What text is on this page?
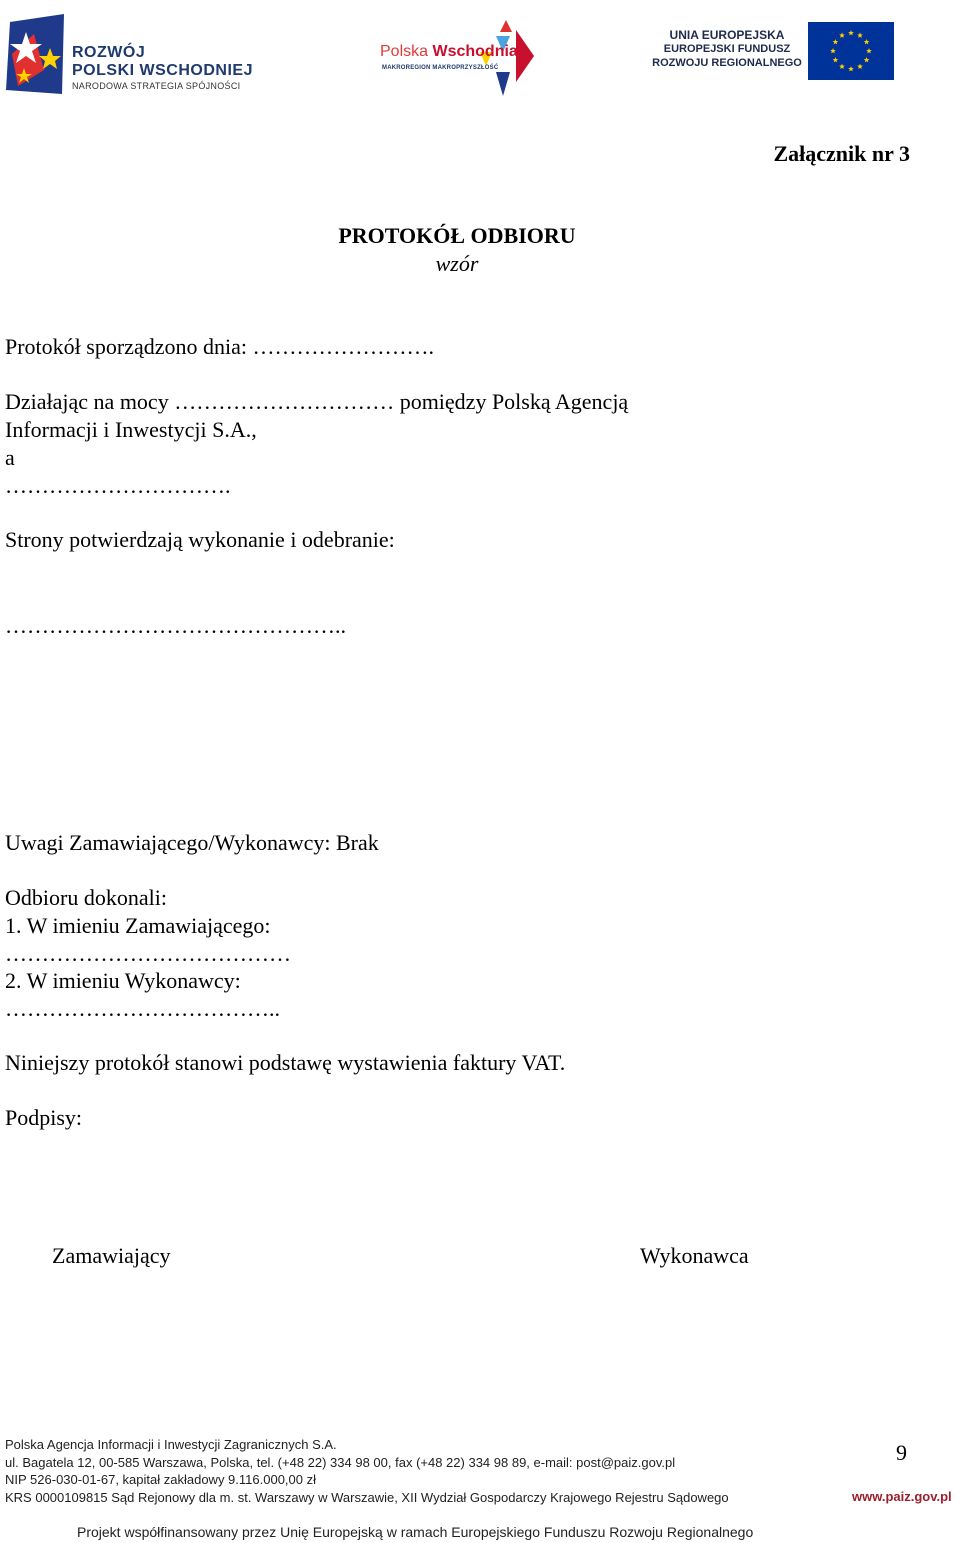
ROZWÓJ
POLSKI WSCHODNIEJ
NARODOWA STRATEGIA SPÓJNOŚCI
Polska Wschodnia
MAKROREGION MAKROPRZYSZŁOŚĆ
UNIA EUROPEJSKA
EUROPEJSKI FUNDUSZ
ROZWOJU REGIONALNEGO
Załącznik nr 3
PROTOKÓŁ ODBIORU
wzór
Protokół sporządzono dnia: …………………….
Działając na mocy ………………………… pomiędzy Polską Agencją
Informacji i Inwestycji S.A.,
a
………………………….
Strony potwierdzają wykonanie i odebranie:
………………………………………..
Uwagi Zamawiającego/Wykonawcy: Brak
Odbioru dokonali:
1. W imieniu Zamawiającego:
…………………………………
2. W imieniu Wykonawcy:
………………………………..
Niniejszy protokół stanowi podstawę wystawienia faktury VAT.
Podpisy:
Zamawiający	Wykonawca
Polska Agencja Informacji i Inwestycji Zagranicznych S.A.
ul. Bagatela 12, 00-585 Warszawa, Polska, tel. (+48 22) 334 98 00, fax (+48 22) 334 98 89, e-mail: post@paiz.gov.pl
NIP 526-030-01-67, kapitał zakładowy 9.116.000,00 zł
KRS 0000109815 Sąd Rejonowy dla m. st. Warszawy w Warszawie, XII Wydział Gospodarczy Krajowego Rejestru Sądowego
9
www.paiz.gov.pl
Projekt współfinansowany przez Unię Europejską w ramach Europejskiego Funduszu Rozwoju Regionalnego
